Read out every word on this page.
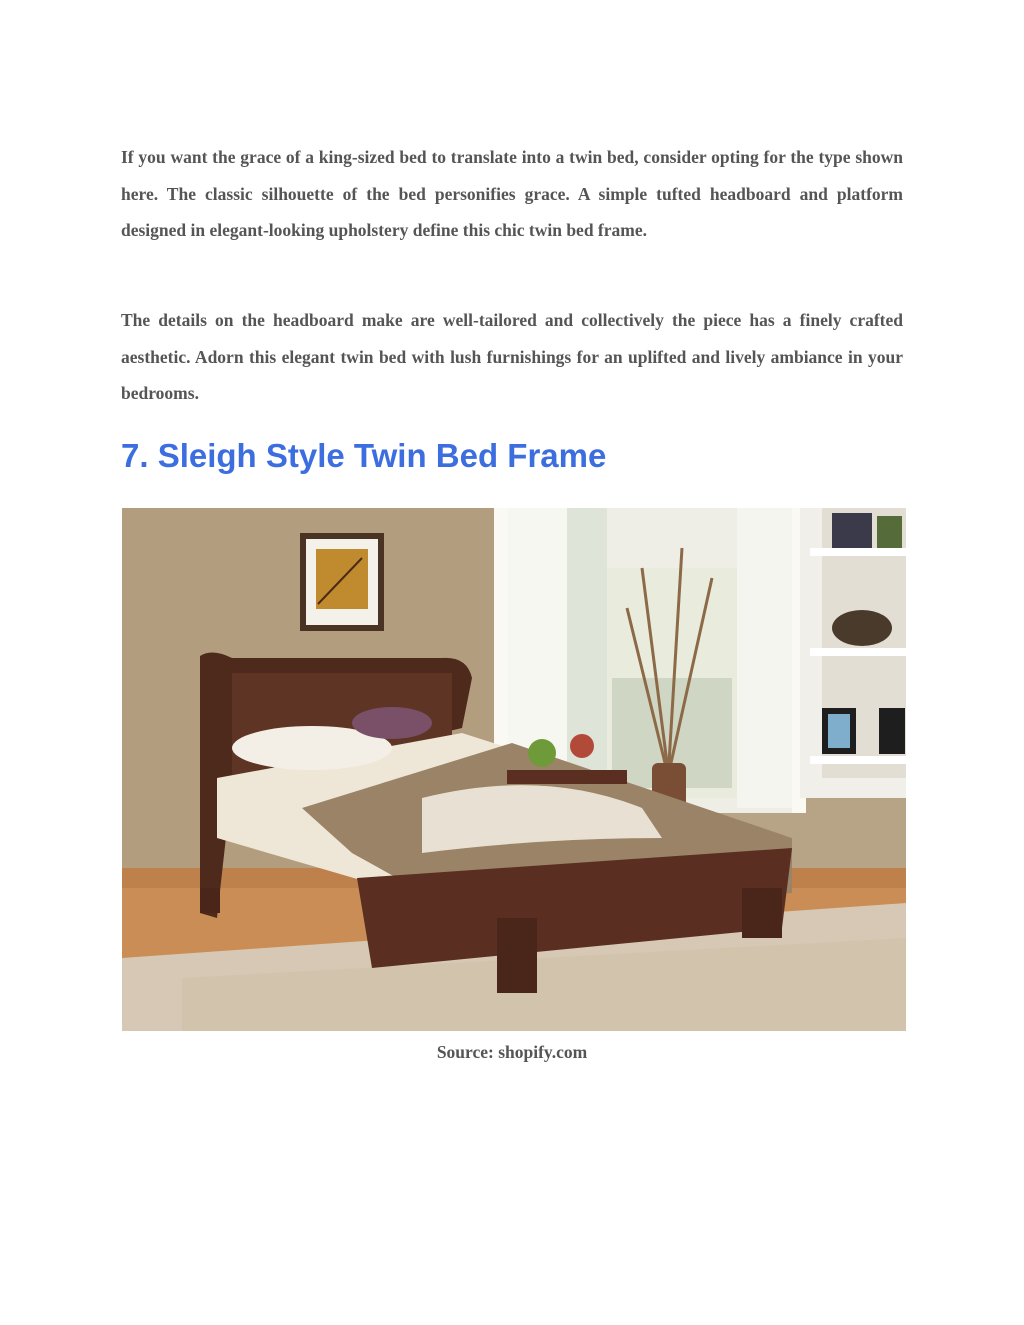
If you want the grace of a king-sized bed to translate into a twin bed, consider opting for the type shown here. The classic silhouette of the bed personifies grace. A simple tufted headboard and platform designed in elegant-looking upholstery define this chic twin bed frame.

The details on the headboard make are well-tailored and collectively the piece has a finely crafted aesthetic. Adorn this elegant twin bed with lush furnishings for an uplifted and lively ambiance in your bedrooms.

7. Sleigh Style Twin Bed Frame

Source: shopify.com
